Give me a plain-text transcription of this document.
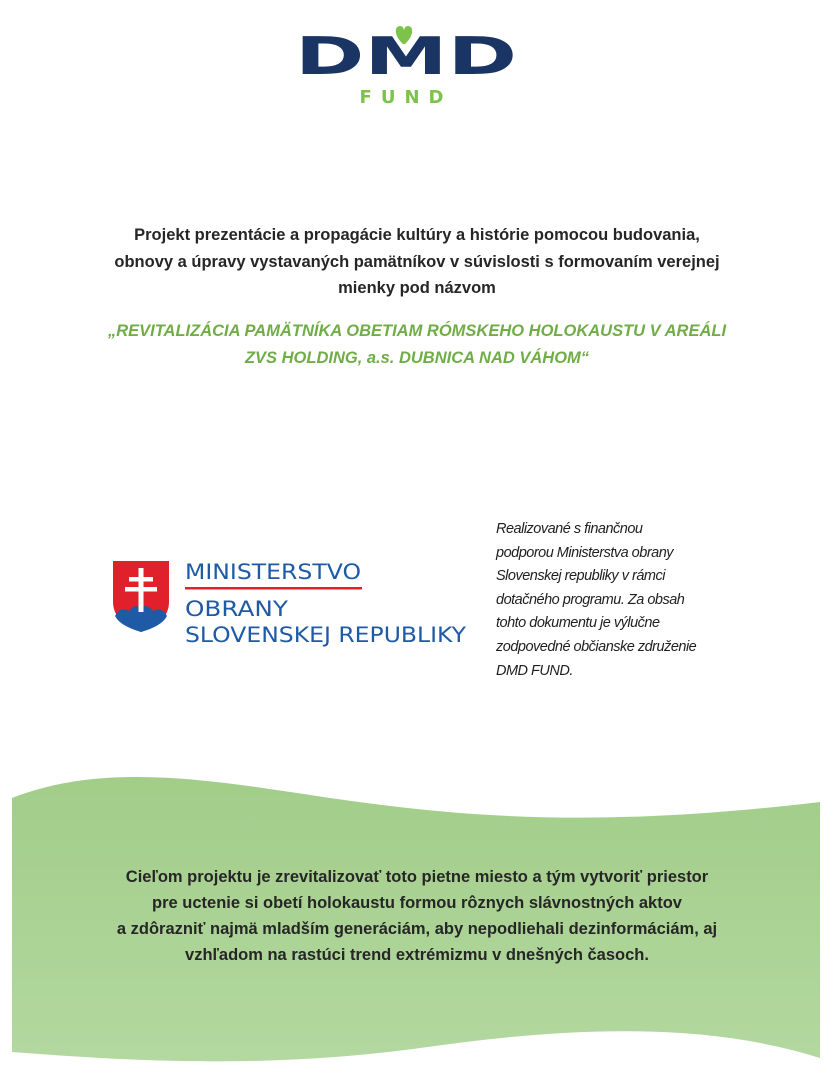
DMD
FUND
Projekt prezentácie a propagácie kultúry a histórie pomocou budovania,
obnovy a úpravy vystavaných pamätníkov v súvislosti s formovaním verejnej
mienky pod názvom
„REVITALIZÁCIA PAMÄTNÍKA OBETIAM RÓMSKEHO HOLOKAUSTU V AREÁLI
ZVS HOLDING, a.s. DUBNICA NAD VÁHOM“
MINISTERSTVO
OBRANY
SLOVENSKEJ REPUBLIKY
Realizované s finančnou
podporou Ministerstva obrany
Slovenskej republiky v rámci
dotačného programu. Za obsah
tohto dokumentu je výlučne
zodpovedné občianske združenie
DMD FUND.
Cieľom projektu je zrevitalizovať toto pietne miesto a tým vytvoriť priestor
pre uctenie si obetí holokaustu formou rôznych slávnostných aktov
a zdôrazniť najmä mladším generáciám, aby nepodliehali dezinformáciám, aj
vzhľadom na rastúci trend extrémizmu v dnešných časoch.
